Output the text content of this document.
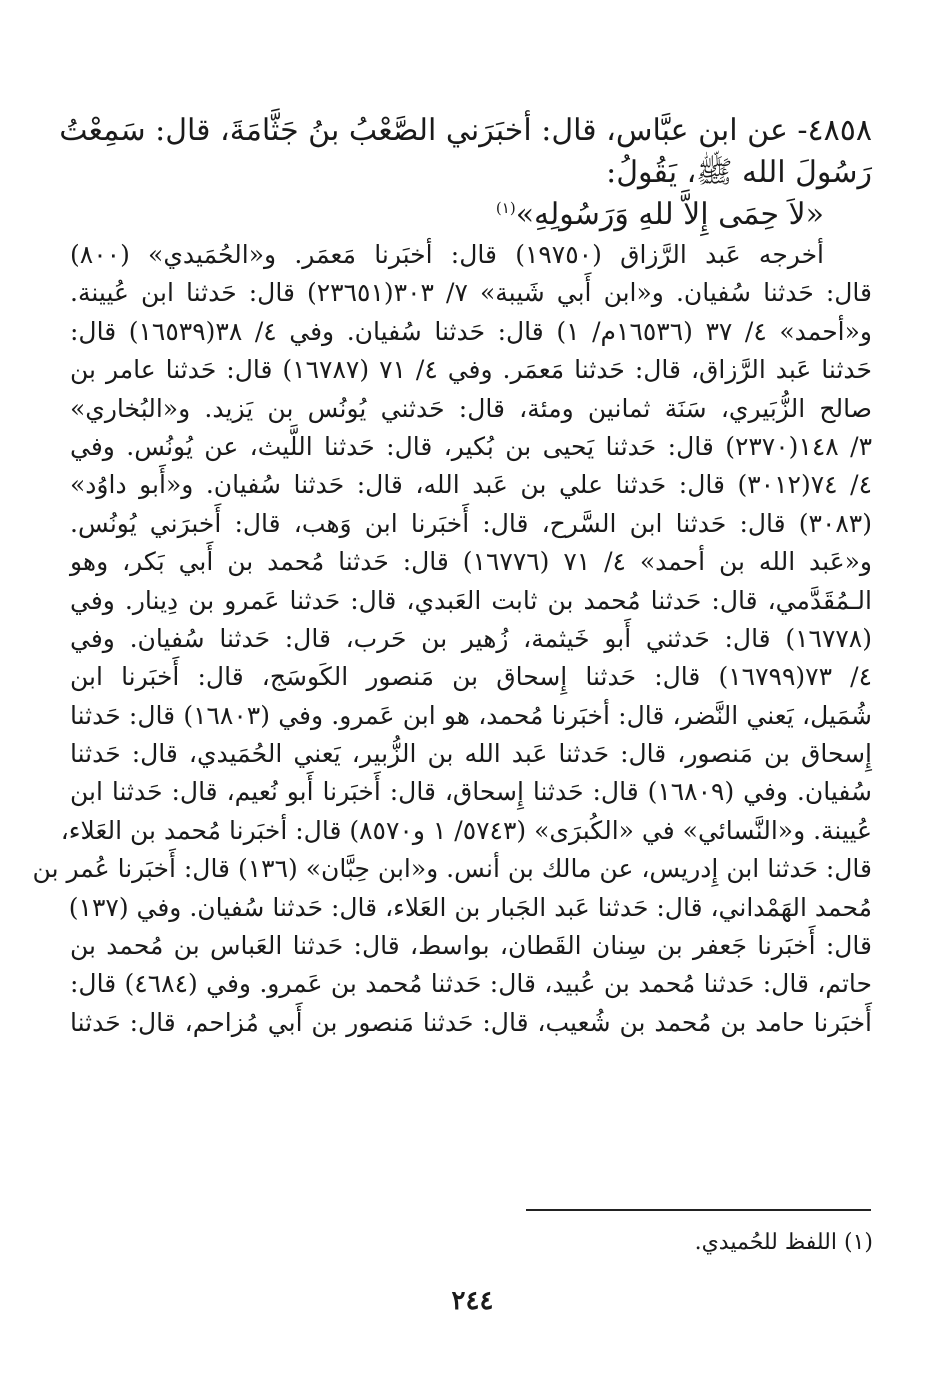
٤٨٥٨- عن ابن عبَّاس، قال: أخبَرَني الصَّعْبُ بنُ جَثَّامَةَ، قال: سَمِعْتُ
رَسُولَ الله ﷺ، يَقُولُ:
«لاَ حِمَى إِلاَّ للهِ وَرَسُولِهِ»$^{(١)}$
أخرجه عَبد الرَّزاق (١٩٧٥٠) قال: أخبَرنا مَعمَر. و«الحُمَيدي» (٨٠٠)
قال: حَدثنا سُفيان. و«ابن أَبي شَيبة» ٧/ ٣٠٣(٢٣٦٥١) قال: حَدثنا ابن عُيينة.
و«أحمد» ٤/ ٣٧ (١٦٥٣٦م/ ١) قال: حَدثنا سُفيان. وفي ٤/ ٣٨(١٦٥٣٩) قال:
حَدثنا عَبد الرَّزاق، قال: حَدثنا مَعمَر. وفي ٤/ ٧١ (١٦٧٨٧) قال: حَدثنا عامر بن
صالح الزُّبَيري، سَنَة ثمانين ومئة، قال: حَدثني يُونُس بن يَزيد. و«البُخاري»
٣/ ١٤٨(٢٣٧٠) قال: حَدثنا يَحيى بن بُكير، قال: حَدثنا اللَّيث، عن يُونُس. وفي
٤/ ٧٤(٣٠١٢) قال: حَدثنا علي بن عَبد الله، قال: حَدثنا سُفيان. و«أَبو داوُد»
(٣٠٨٣) قال: حَدثنا ابن السَّرح، قال: أَخبَرنا ابن وَهب، قال: أَخبرَني يُونُس.
و«عَبد الله بن أحمد» ٤/ ٧١ (١٦٧٧٦) قال: حَدثنا مُحمد بن أَبي بَكر، وهو
الـمُقَدَّمي، قال: حَدثنا مُحمد بن ثابت العَبدي، قال: حَدثنا عَمرو بن دِينار. وفي
(١٦٧٧٨) قال: حَدثني أَبو خَيثمة، زُهير بن حَرب، قال: حَدثنا سُفيان. وفي
٤/ ٧٣(١٦٧٩٩) قال: حَدثنا إِسحاق بن مَنصور الكَوسَج، قال: أَخبَرنا ابن
شُمَيل، يَعني النَّضر، قال: أخبَرنا مُحمد، هو ابن عَمرو. وفي (١٦٨٠٣) قال: حَدثنا
إِسحاق بن مَنصور، قال: حَدثنا عَبد الله بن الزُّبير، يَعني الحُمَيدي، قال: حَدثنا
سُفيان. وفي (١٦٨٠٩) قال: حَدثنا إِسحاق، قال: أَخبَرنا أَبو نُعيم، قال: حَدثنا ابن
عُيينة. و«النَّسائي» في «الكُبرَى» (٥٧٤٣/ ١ و٨٥٧٠) قال: أخبَرنا مُحمد بن العَلاء،
قال: حَدثنا ابن إِدريس، عن مالك بن أنس. و«ابن حِبَّان» (١٣٦) قال: أَخبَرنا عُمر بن
مُحمد الهَمْداني، قال: حَدثنا عَبد الجَبار بن العَلاء، قال: حَدثنا سُفيان. وفي (١٣٧)
قال: أَخبَرنا جَعفر بن سِنان القَطان، بواسط، قال: حَدثنا العَباس بن مُحمد بن
حاتم، قال: حَدثنا مُحمد بن عُبيد، قال: حَدثنا مُحمد بن عَمرو. وفي (٤٦٨٤) قال:
أَخبَرنا حامد بن مُحمد بن شُعيب، قال: حَدثنا مَنصور بن أَبي مُزاحم، قال: حَدثنا
(١) اللفظ للحُميدي.
٢٤٤
